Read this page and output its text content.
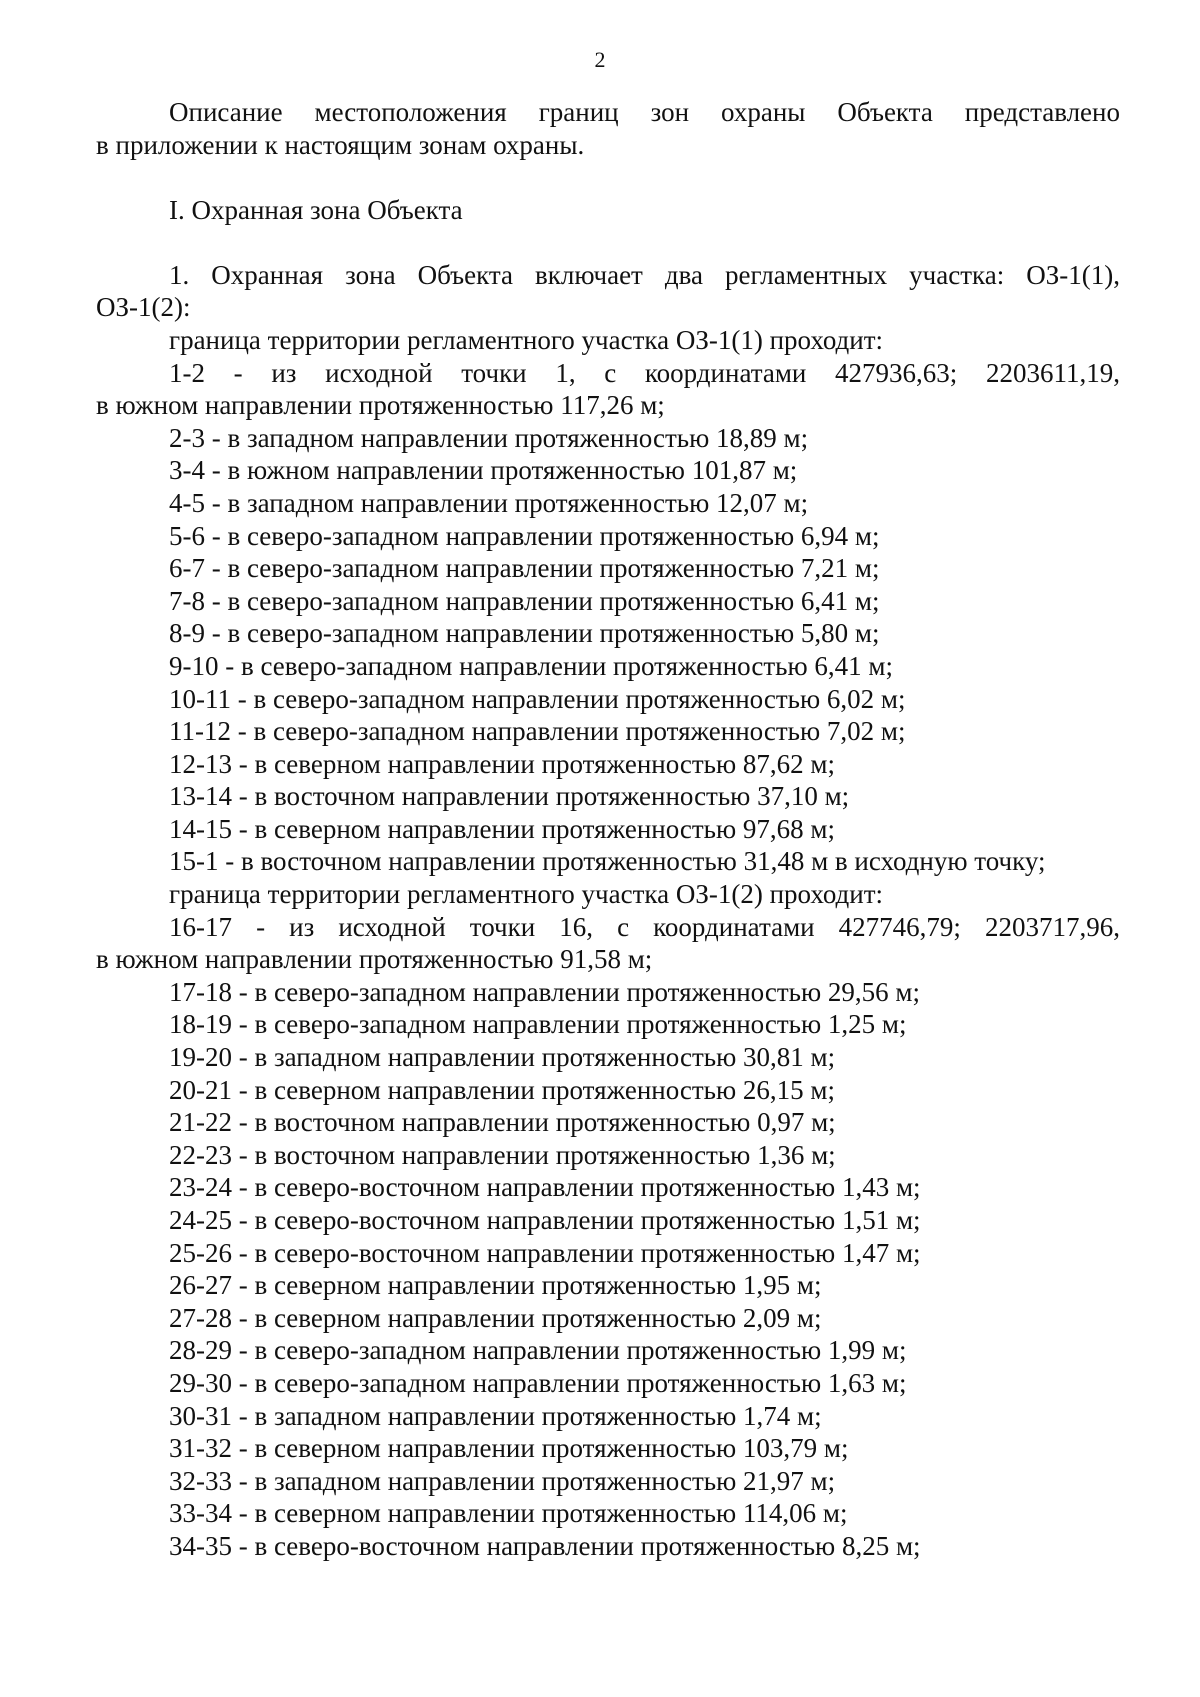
2

Описание местоположения границ зон охраны Объекта представлено

в приложении к настоящим зонам охраны.

I. Охранная зона Объекта

1. Охранная зона Объекта включает два регламентных участка: ОЗ-1(1),

ОЗ-1(2):

граница территории регламентного участка ОЗ-1(1) проходит:

1-2 - из исходной точки 1, с координатами 427936,63; 2203611,19,

в южном направлении протяженностью 117,26 м;

2-3 - в западном направлении протяженностью 18,89 м;

3-4 - в южном направлении протяженностью 101,87 м;

4-5 - в западном направлении протяженностью 12,07 м;

5-6 - в северо-западном направлении протяженностью 6,94 м;

6-7 - в северо-западном направлении протяженностью 7,21 м;

7-8 - в северо-западном направлении протяженностью 6,41 м;

8-9 - в северо-западном направлении протяженностью 5,80 м;

9-10 - в северо-западном направлении протяженностью 6,41 м;

10-11 - в северо-западном направлении протяженностью 6,02 м;

11-12 - в северо-западном направлении протяженностью 7,02 м;

12-13 - в северном направлении протяженностью 87,62 м;

13-14 - в восточном направлении протяженностью 37,10 м;

14-15 - в северном направлении протяженностью 97,68 м;

15-1 - в восточном направлении протяженностью 31,48 м в исходную точку;

граница территории регламентного участка ОЗ-1(2) проходит:

16-17 - из исходной точки 16, с координатами 427746,79; 2203717,96,

в южном направлении протяженностью 91,58 м;

17-18 - в северо-западном направлении протяженностью 29,56 м;

18-19 - в северо-западном направлении протяженностью 1,25 м;

19-20 - в западном направлении протяженностью 30,81 м;

20-21 - в северном направлении протяженностью 26,15 м;

21-22 - в восточном направлении протяженностью 0,97 м;

22-23 - в восточном направлении протяженностью 1,36 м;

23-24 - в северо-восточном направлении протяженностью 1,43 м;

24-25 - в северо-восточном направлении протяженностью 1,51 м;

25-26 - в северо-восточном направлении протяженностью 1,47 м;

26-27 - в северном направлении протяженностью 1,95 м;

27-28 - в северном направлении протяженностью 2,09 м;

28-29 - в северо-западном направлении протяженностью 1,99 м;

29-30 - в северо-западном направлении протяженностью 1,63 м;

30-31 - в западном направлении протяженностью 1,74 м;

31-32 - в северном направлении протяженностью 103,79 м;

32-33 - в западном направлении протяженностью 21,97 м;

33-34 - в северном направлении протяженностью 114,06 м;

34-35 - в северо-восточном направлении протяженностью 8,25 м;
